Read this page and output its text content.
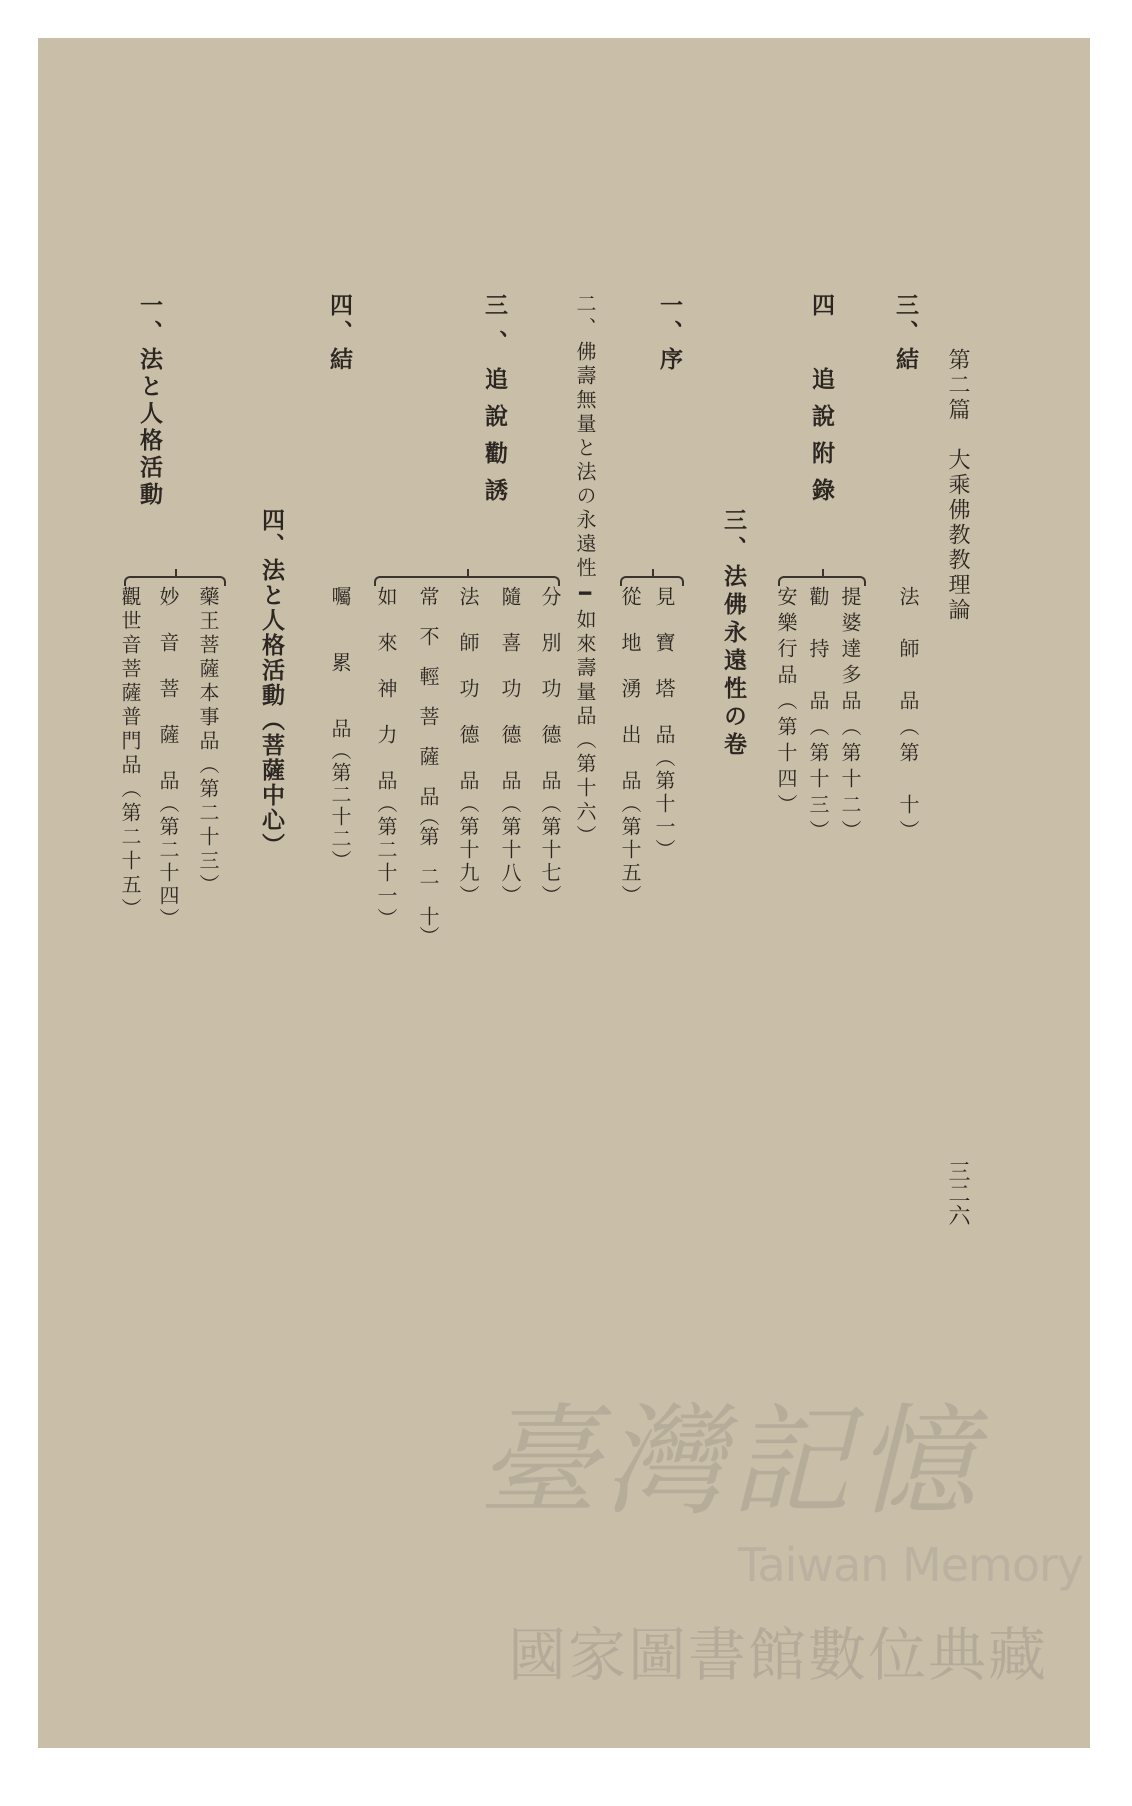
第二篇　大乘佛教教理論
三二六
三、結
法　師　品（第　十）
四　追說附錄
提婆達多品（第十二）
勸　持　品（第十三）
安樂行品（第十四）
三、法佛永遠性の卷
一、序
見　寶　塔　品（第十一）
從　地　湧　出　品（第十五）
二、佛壽無量と法の永遠性━如來壽量品（第十六）
三、追說勸誘
分　別　功　德　品（第十七）
隨　喜　功　德　品（第十八）
法　師　功　德　品（第十九）
常　不　輕　菩　薩　品（第　二　十）
如　來　神　力　品（第二十一）
四、結
囑　　累　　品（第二十二）
四、法と人格活動（菩薩中心）
一、法と人格活動
藥王菩薩本事品（第二十三）
妙　音　菩　薩　品（第二十四）
觀世音菩薩普門品（第二十五）
臺灣記憶
Taiwan Memory
國家圖書館數位典藏
